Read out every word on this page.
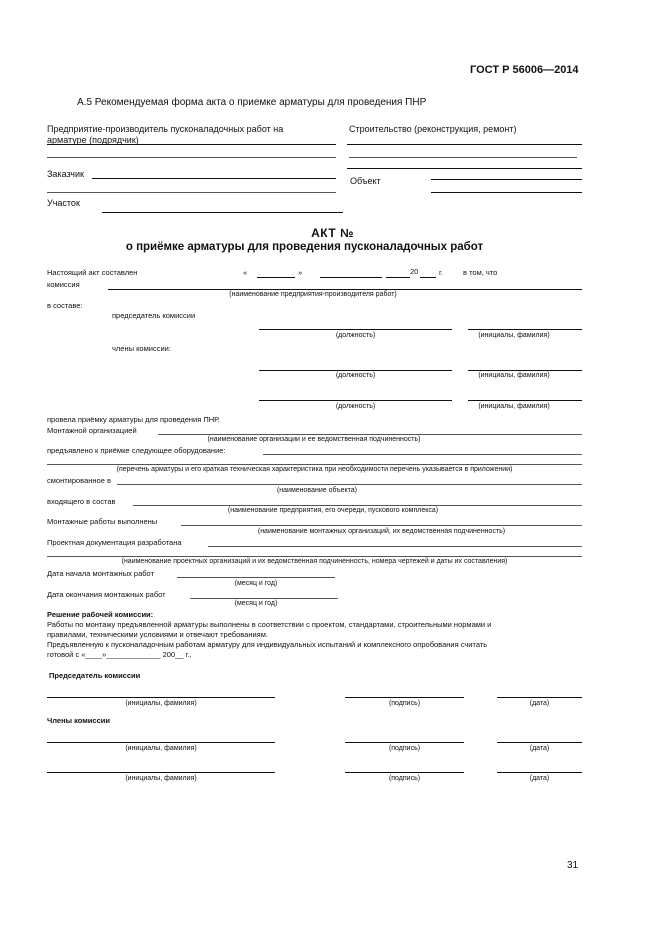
ГОСТ Р 56006—2014
А.5 Рекомендуемая форма акта о приемке арматуры для проведения ПНР
Предприятие-производитель пусконаладочных работ на
арматуре (подрядчик)
Строительство (реконструкция, ремонт)
Заказчик
Объект
Участок
АКТ №
о приёмке арматуры для проведения пусконаладочных работ
Настоящий акт составлен	«	»	20	г.	в том, что
комиссия
(наименование предприятия-производителя работ)
в составе:
председатель комиссии
(должность)	(инициалы, фамилия)
члены комиссии:
(должность)	(инициалы, фамилия)
(должность)	(инициалы, фамилия)
провела приёмку арматуры для проведения ПНР.
Монтажной организацией
(наименование организации и ее ведомственная подчиненность)
предъявлено к приёмке следующее оборудование:
(перечень арматуры и его краткая техническая характеристика при необходимости перечень указывается в приложении)
смонтированное в
(наименование объекта)
входящего в состав
(наименование предприятия, его очереди, пускового комплекса)
Монтажные работы выполнены
(наименование монтажных организаций, их ведомственная подчиненность)
Проектная документация разработана
(наименование проектных организаций и их ведомственная подчиненность, номера чертежей и даты их составления)
Дата начала монтажных работ
(месяц и год)
Дата окончания монтажных работ
(месяц и год)
Решение рабочей комиссии:
Работы по монтажу предъявленной арматуры выполнены в соответствии с проектом, стандартами, строительными нормами и
правилами, техническими условиями и отвечают требованиям.
Предъявленную к пусконаладочным работам арматуру для индивидуальных испытаний и комплексного опробования считать
готовой с «____»_____________ 200__ г.,
Председатель комиссии
(инициалы, фамилия)	(подпись)	(дата)
Члены комиссии
(инициалы, фамилия)	(подпись)	(дата)
(инициалы, фамилия)	(подпись)	(дата)
31
